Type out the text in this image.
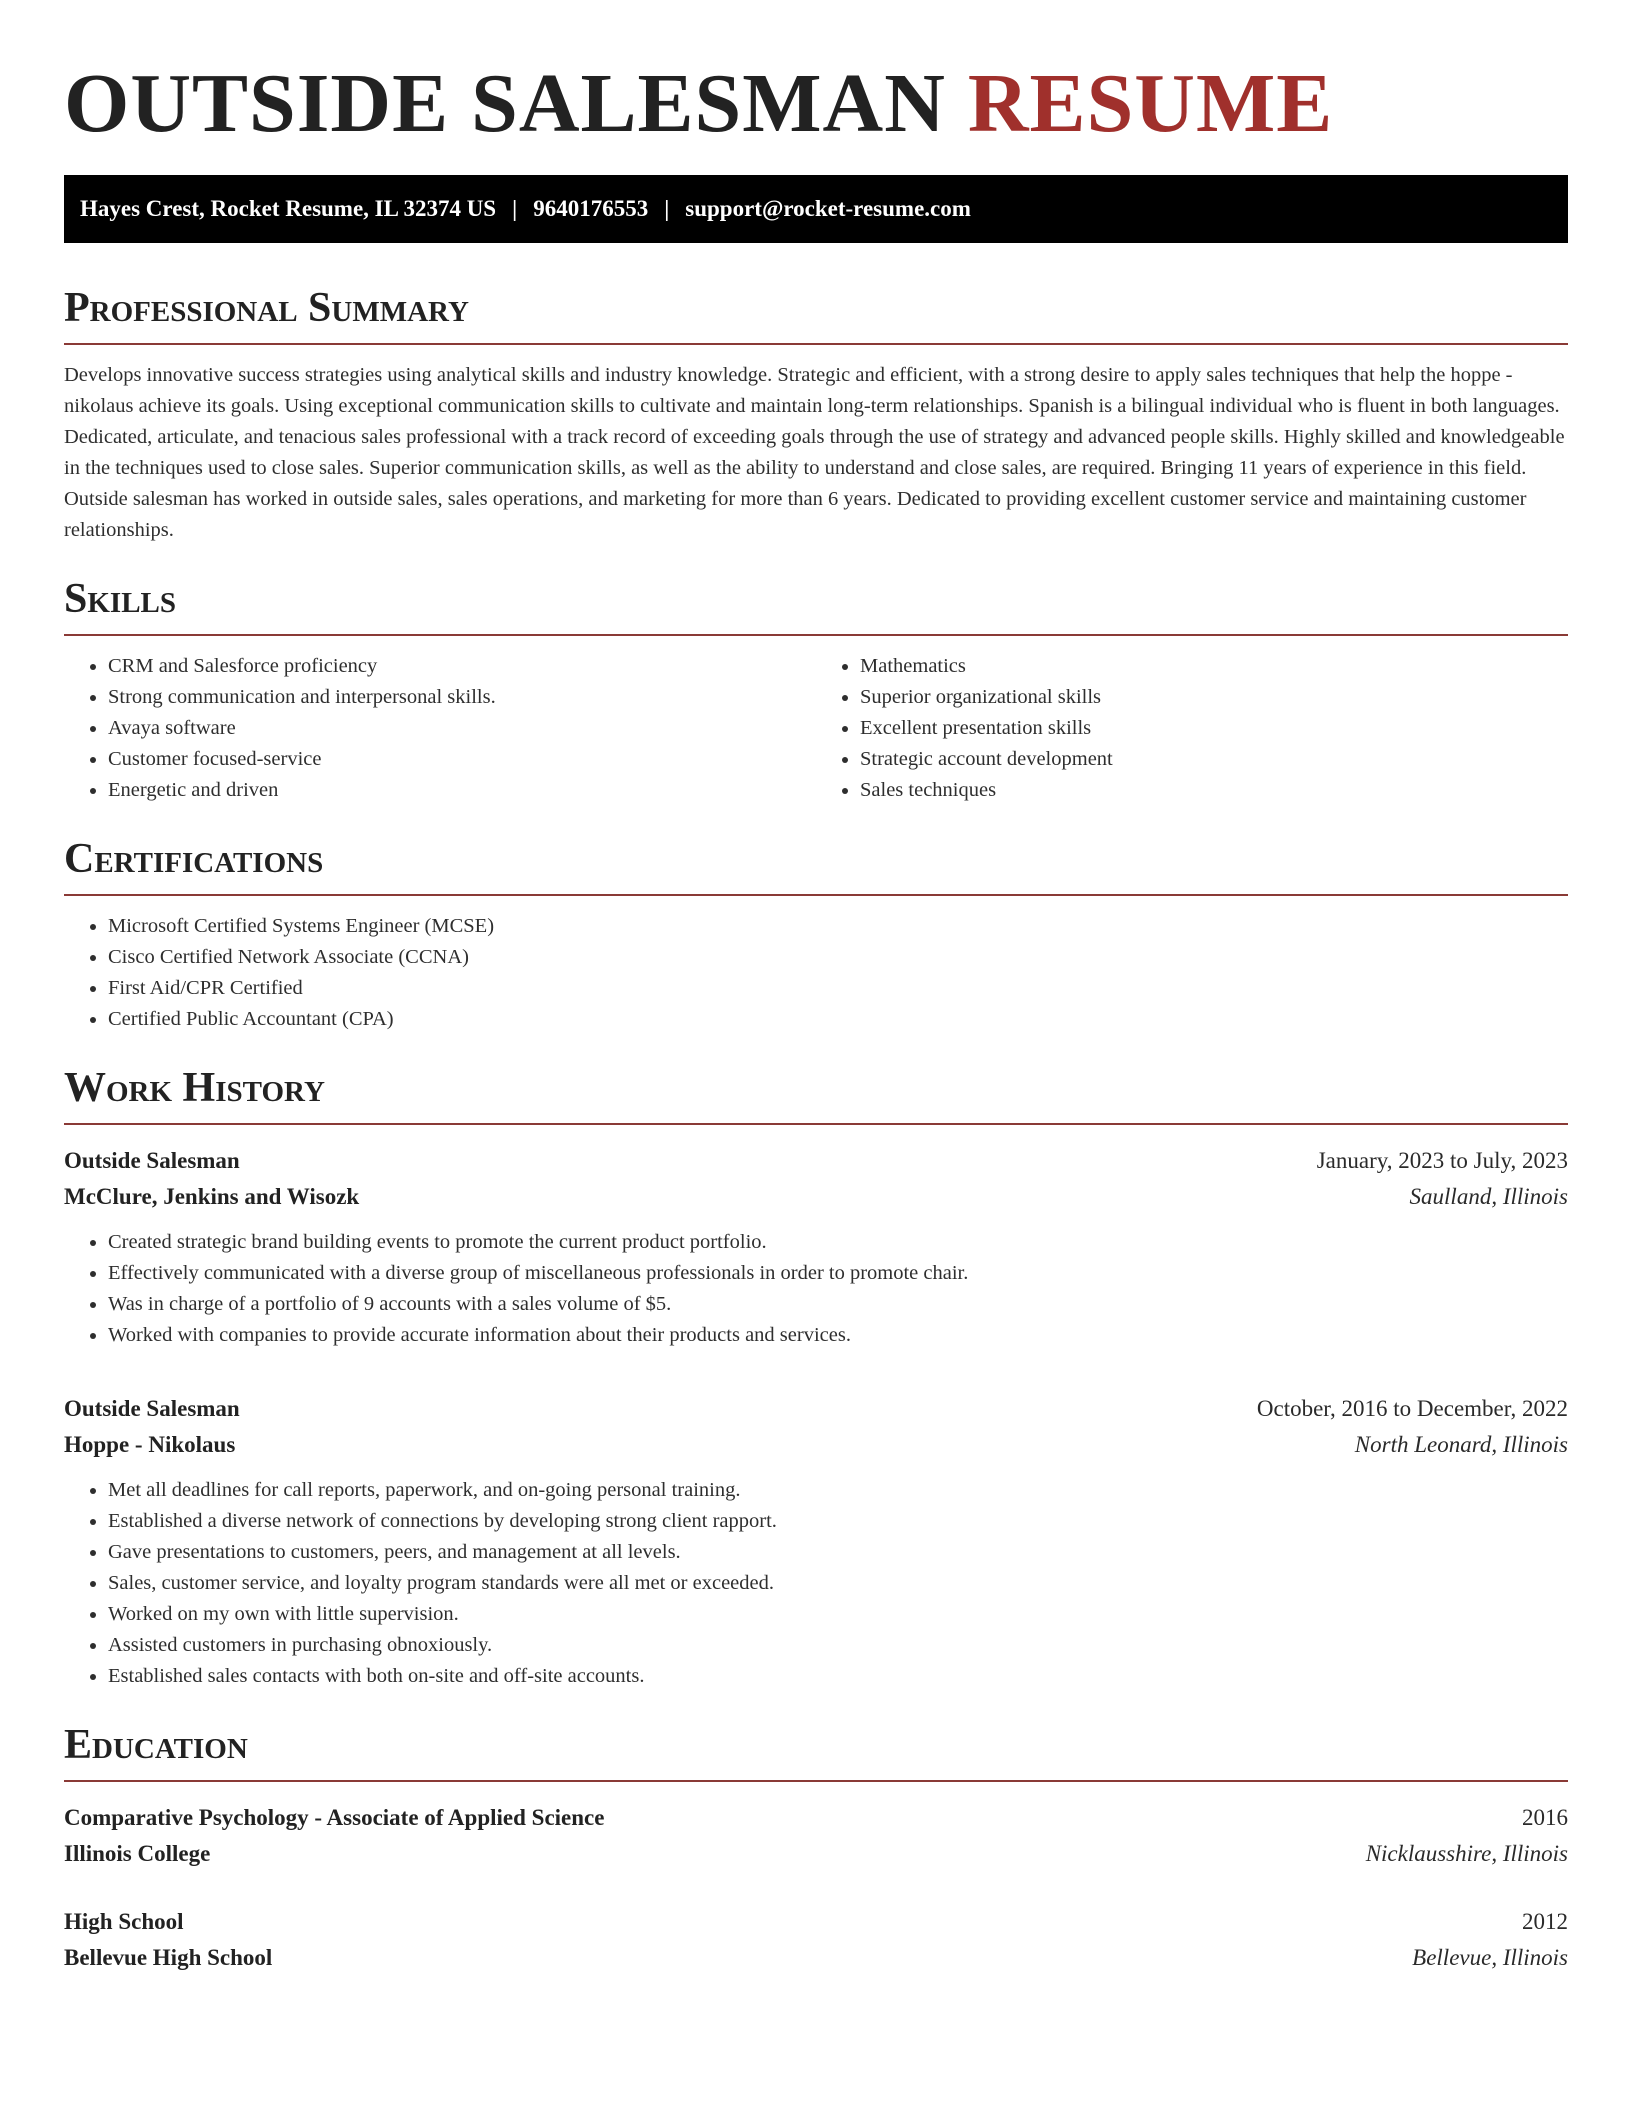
OUTSIDE SALESMAN RESUME
Hayes Crest, Rocket Resume, IL 32374 US | 9640176553 | support@rocket-resume.com
Professional Summary

Develops innovative success strategies using analytical skills and industry knowledge. Strategic and efficient, with a strong desire to apply sales techniques that help the hoppe - nikolaus achieve its goals. Using exceptional communication skills to cultivate and maintain long-term relationships. Spanish is a bilingual individual who is fluent in both languages. Dedicated, articulate, and tenacious sales professional with a track record of exceeding goals through the use of strategy and advanced people skills. Highly skilled and knowledgeable in the techniques used to close sales. Superior communication skills, as well as the ability to understand and close sales, are required. Bringing 11 years of experience in this field. Outside salesman has worked in outside sales, sales operations, and marketing for more than 6 years. Dedicated to providing excellent customer service and maintaining customer relationships.

Skills
• CRM and Salesforce proficiency
• Strong communication and interpersonal skills.
• Avaya software
• Customer focused-service
• Energetic and driven
• Mathematics
• Superior organizational skills
• Excellent presentation skills
• Strategic account development
• Sales techniques
Certifications
• Microsoft Certified Systems Engineer (MCSE)
• Cisco Certified Network Associate (CCNA)
• First Aid/CPR Certified
• Certified Public Accountant (CPA)
Work History
Outside Salesman	January, 2023 to July, 2023
McClure, Jenkins and Wisozk	Saulland, Illinois
• Created strategic brand building events to promote the current product portfolio.
• Effectively communicated with a diverse group of miscellaneous professionals in order to promote chair.
• Was in charge of a portfolio of 9 accounts with a sales volume of $5.
• Worked with companies to provide accurate information about their products and services.
Outside Salesman	October, 2016 to December, 2022
Hoppe - Nikolaus	North Leonard, Illinois
• Met all deadlines for call reports, paperwork, and on-going personal training.
• Established a diverse network of connections by developing strong client rapport.
• Gave presentations to customers, peers, and management at all levels.
• Sales, customer service, and loyalty program standards were all met or exceeded.
• Worked on my own with little supervision.
• Assisted customers in purchasing obnoxiously.
• Established sales contacts with both on-site and off-site accounts.
Education
Comparative Psychology - Associate of Applied Science	2016
Illinois College	Nicklausshire, Illinois
High School	2012
Bellevue High School	Bellevue, Illinois
